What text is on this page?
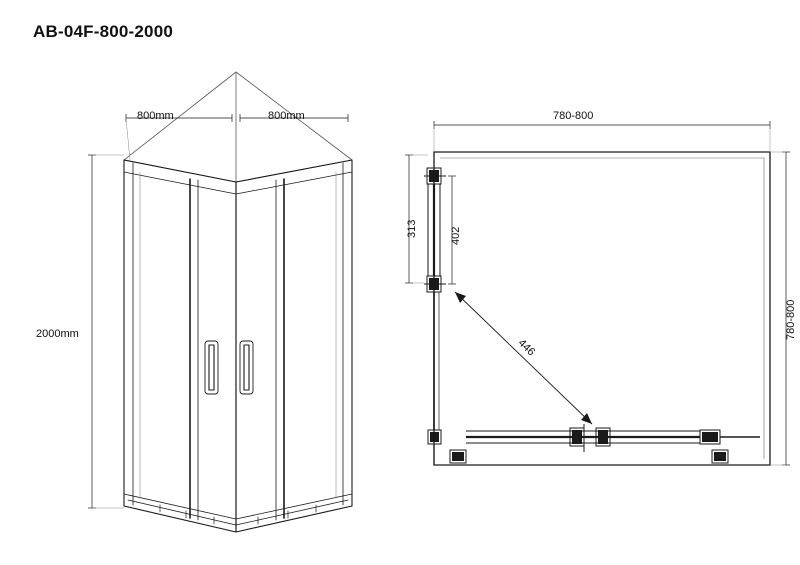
AB-04F-800-2000
800mm	800mm
2000mm
780-800
780-800
313	402
446
